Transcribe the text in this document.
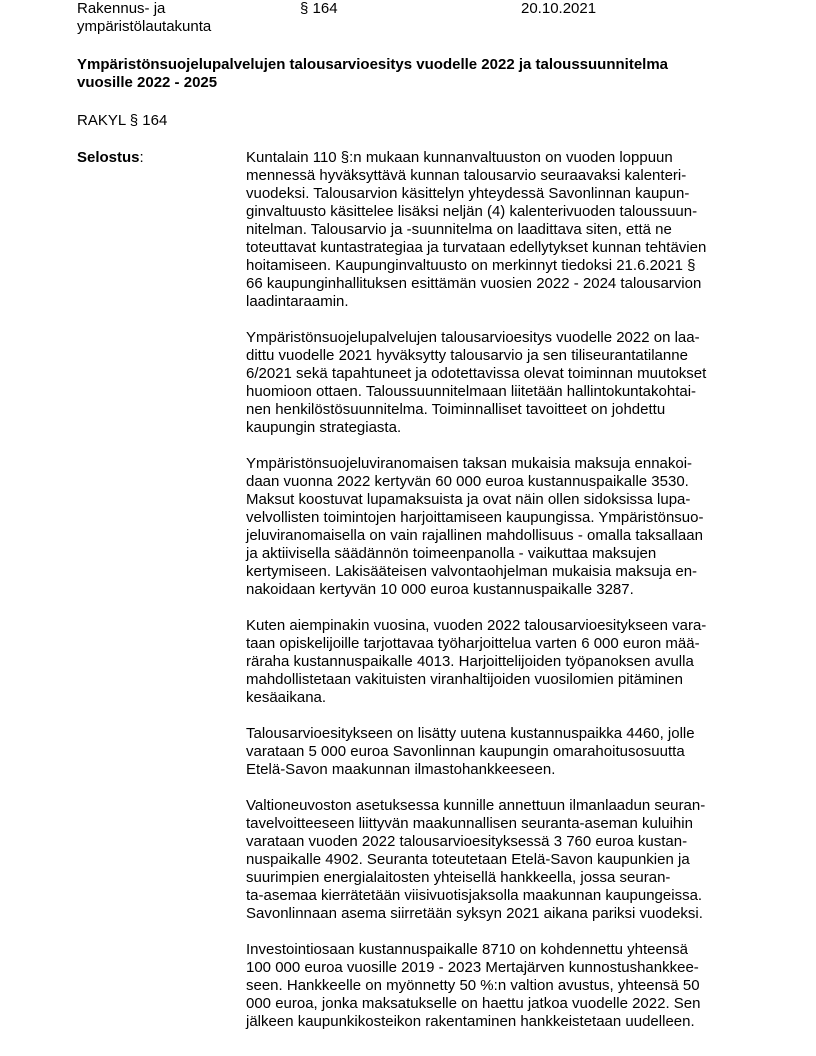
Rakennus- ja
ympäristölautakunta
§ 164	20.10.2021
Ympäristönsuojelupalvelujen talousarvioesitys vuodelle 2022 ja taloussuunnitelma
vuosille 2022 - 2025
RAKYL § 164
Selostus:	Kuntalain 110 §:n mukaan kunnanvaltuuston on vuoden loppuun
mennessä hyväksyttävä kunnan talousarvio seuraavaksi kalenteri-
vuodeksi. Talousarvion käsittelyn yhteydessä Savonlinnan kaupun-
ginvaltuusto käsittelee lisäksi neljän (4) kalenterivuoden taloussuun-
nitelman. Talousarvio ja -suunnitelma on laadittava siten, että ne
toteuttavat kuntastrategiaa ja turvataan edellytykset kunnan tehtävien
hoitamiseen. Kaupunginvaltuusto on merkinnyt tiedoksi 21.6.2021 §
66 kaupunginhallituksen esittämän vuosien 2022 - 2024 talousarvion
laadintaraamin.

Ympäristönsuojelupalvelujen talousarvioesitys vuodelle 2022 on laa-
dittu vuodelle 2021 hyväksytty talousarvio ja sen tiliseurantatilanne
6/2021 sekä tapahtuneet ja odotettavissa olevat toiminnan muutokset
huomioon ottaen. Taloussuunnitelmaan liitetään hallintokuntakohtai-
nen henkilöstösuunnitelma. Toiminnalliset tavoitteet on johdettu
kaupungin strategiasta.

Ympäristönsuojeluviranomaisen taksan mukaisia maksuja ennakoi-
daan vuonna 2022 kertyvän 60 000 euroa kustannuspaikalle 3530.
Maksut koostuvat lupamaksuista ja ovat näin ollen sidoksissa lupa-
velvollisten toimintojen harjoittamiseen kaupungissa. Ympäristönsuo-
jeluviranomaisella on vain rajallinen mahdollisuus - omalla taksallaan
ja aktiivisella säädännön toimeenpanolla - vaikuttaa maksujen
kertymiseen. Lakisääteisen valvontaohjelman mukaisia maksuja en-
nakoidaan kertyvän 10 000 euroa kustannuspaikalle 3287.

Kuten aiempinakin vuosina, vuoden 2022 talousarvioesitykseen vara-
taan opiskelijoille tarjottavaa työharjoittelua varten 6 000 euron mää-
räraha kustannuspaikalle 4013. Harjoittelijoiden työpanoksen avulla
mahdollistetaan vakituisten viranhaltijoiden vuosilomien pitäminen
kesäaikana.

Talousarvioesitykseen on lisätty uutena kustannuspaikka 4460, jolle
varataan 5 000 euroa Savonlinnan kaupungin omarahoitusosuutta
Etelä-Savon maakunnan ilmastohankkeeseen.

Valtioneuvoston asetuksessa kunnille annettuun ilmanlaadun seuran-
tavelvoitteeseen liittyvän maakunnallisen seuranta-aseman kuluihin
varataan vuoden 2022 talousarvioesityksessä 3 760 euroa kustan-
nuspaikalle 4902. Seuranta toteutetaan Etelä-Savon kaupunkien ja
suurimpien energialaitosten yhteisellä hankkeella, jossa seuran-
ta-asemaa kierrätetään viisivuotisjaksolla maakunnan kaupungeissa.
Savonlinnaan asema siirretään syksyn 2021 aikana pariksi vuodeksi.

Investointiosaan kustannuspaikalle 8710 on kohdennettu yhteensä
100 000 euroa vuosille 2019 - 2023 Mertajärven kunnostushankkee-
seen. Hankkeelle on myönnetty 50 %:n valtion avustus, yhteensä 50
000 euroa, jonka maksatukselle on haettu jatkoa vuodelle 2022. Sen
jälkeen kaupunkikosteikon rakentaminen hankkeistetaan uudelleen.
